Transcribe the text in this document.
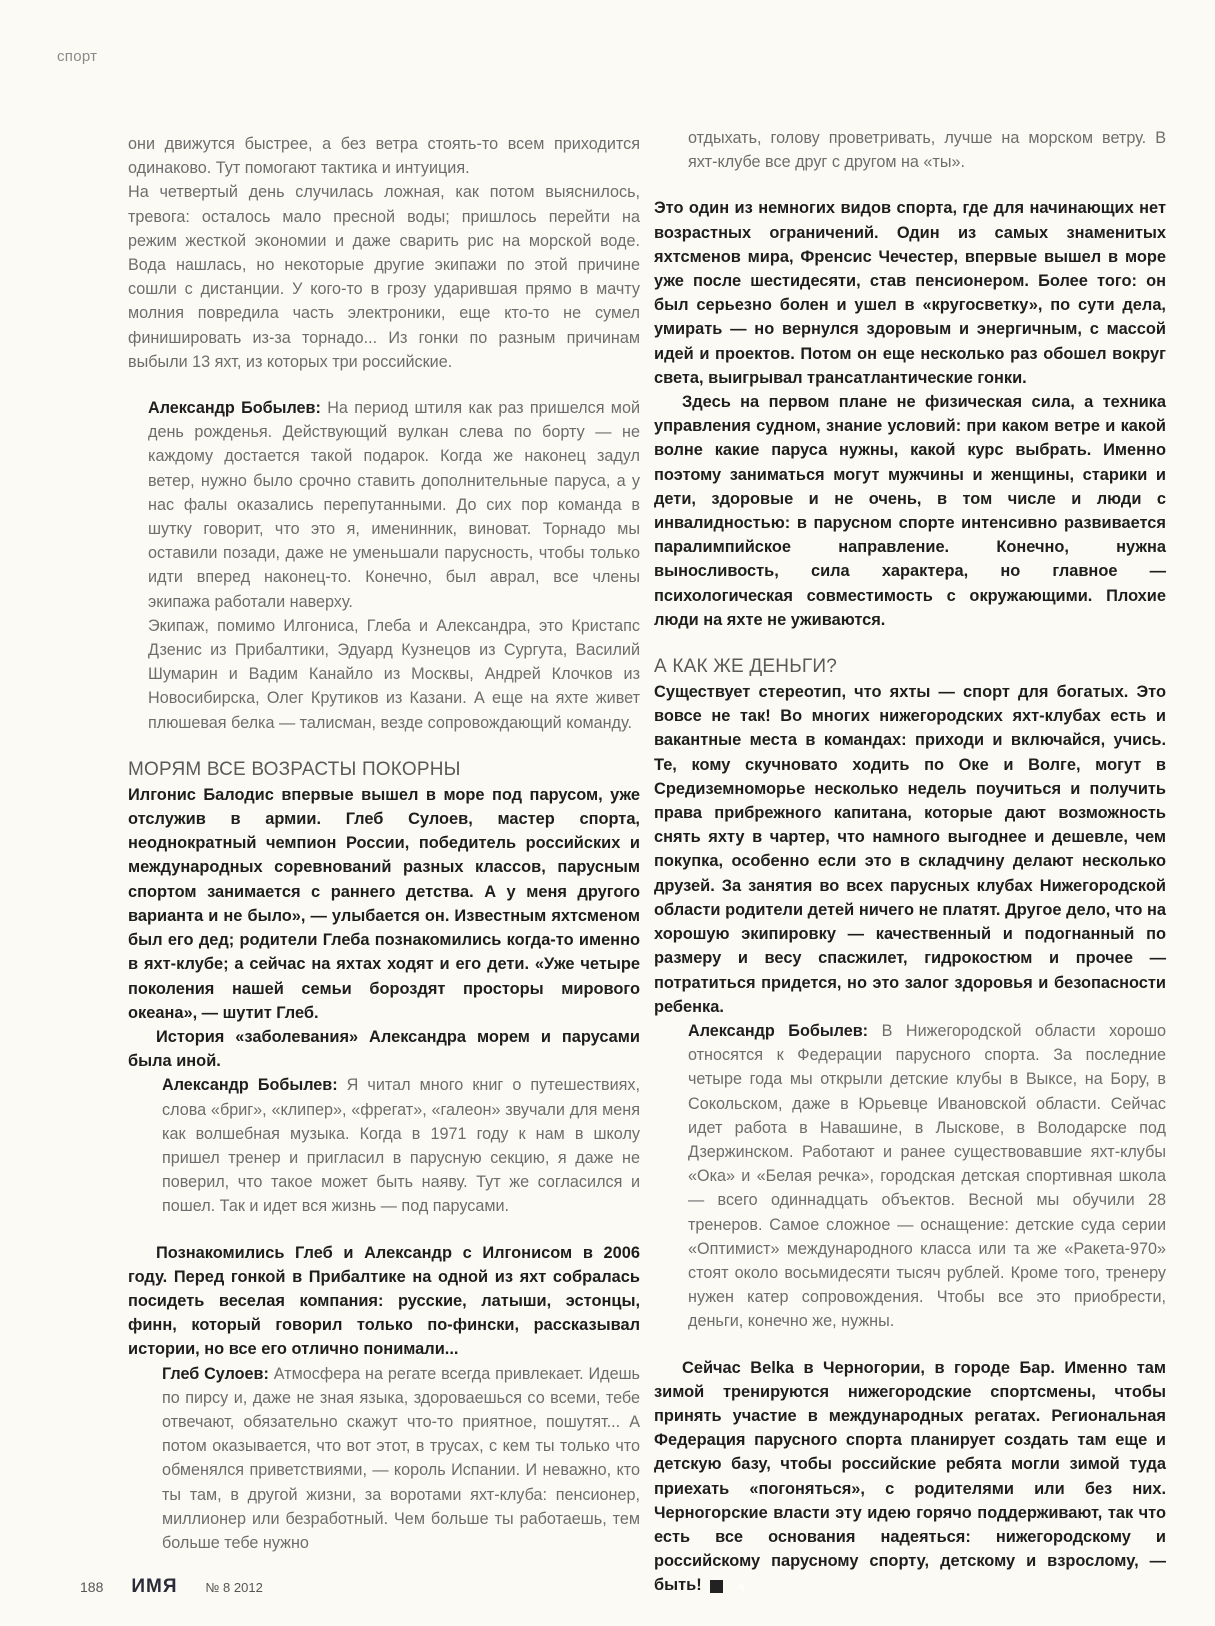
спорт

они движутся быстрее, а без ветра стоять-то всем приходится одинаково. Тут помогают тактика и интуиция.

На четвертый день случилась ложная, как потом выяснилось, тревога: осталось мало пресной воды; пришлось перейти на режим жесткой экономии и даже сварить рис на морской воде. Вода нашлась, но некоторые другие экипажи по этой причине сошли с дистанции. У кого-то в грозу ударившая прямо в мачту молния повредила часть электроники, еще кто-то не сумел финишировать из-за торнадо... Из гонки по разным причинам выбыли 13 яхт, из которых три российские.

Александр Бобылев: На период штиля как раз пришелся мой день рожденья. Действующий вулкан слева по борту — не каждому достается такой подарок. Когда же наконец задул ветер, нужно было срочно ставить дополнительные паруса, а у нас фалы оказались перепутанными. До сих пор команда в шутку говорит, что это я, именинник, виноват. Торнадо мы оставили позади, даже не уменьшали парусность, чтобы только идти вперед наконец-то. Конечно, был аврал, все члены экипажа работали наверху.

Экипаж, помимо Илгониса, Глеба и Александра, это Кристапс Дзенис из Прибалтики, Эдуард Кузнецов из Сургута, Василий Шумарин и Вадим Канайло из Москвы, Андрей Клочков из Новосибирска, Олег Крутиков из Казани. А еще на яхте живет плюшевая белка — талисман, везде сопровождающий команду.

МОРЯМ ВСЕ ВОЗРАСТЫ ПОКОРНЫ

Илгонис Балодис впервые вышел в море под парусом, уже отслужив в армии. Глеб Сулоев, мастер спорта, неоднократный чемпион России, победитель российских и международных соревнований разных классов, парусным спортом занимается с раннего детства. А у меня другого варианта и не было», — улыбается он. Известным яхтсменом был его дед; родители Глеба познакомились когда-то именно в яхт-клубе; а сейчас на яхтах ходят и его дети. «Уже четыре поколения нашей семьи бороздят просторы мирового океана», — шутит Глеб.

История «заболевания» Александра морем и парусами была иной.

Александр Бобылев: Я читал много книг о путешествиях, слова «бриг», «клипер», «фрегат», «галеон» звучали для меня как волшебная музыка. Когда в 1971 году к нам в школу пришел тренер и пригласил в парусную секцию, я даже не поверил, что такое может быть наяву. Тут же согласился и пошел. Так и идет вся жизнь — под парусами.

Познакомились Глеб и Александр с Илгонисом в 2006 году. Перед гонкой в Прибалтике на одной из яхт собралась посидеть веселая компания: русские, латыши, эстонцы, финн, который говорил только по-фински, рассказывал истории, но все его отлично понимали...

Глеб Сулоев: Атмосфера на регате всегда привлекает. Идешь по пирсу и, даже не зная языка, здороваешься со всеми, тебе отвечают, обязательно скажут что-то приятное, пошутят... А потом оказывается, что вот этот, в трусах, с кем ты только что обменялся приветствиями, — король Испании. И неважно, кто ты там, в другой жизни, за воротами яхт-клуба: пенсионер, миллионер или безработный. Чем больше ты работаешь, тем больше тебе нужно

отдыхать, голову проветривать, лучше на морском ветру. В яхт-клубе все друг с другом на «ты».

Это один из немногих видов спорта, где для начинающих нет возрастных ограничений. Один из самых знаменитых яхтсменов мира, Френсис Чечестер, впервые вышел в море уже после шестидесяти, став пенсионером. Более того: он был серьезно болен и ушел в «кругосветку», по сути дела, умирать — но вернулся здоровым и энергичным, с массой идей и проектов. Потом он еще несколько раз обошел вокруг света, выигрывал трансатлантические гонки.

Здесь на первом плане не физическая сила, а техника управления судном, знание условий: при каком ветре и какой волне какие паруса нужны, какой курс выбрать. Именно поэтому заниматься могут мужчины и женщины, старики и дети, здоровые и не очень, в том числе и люди с инвалидностью: в парусном спорте интенсивно развивается паралимпийское направление. Конечно, нужна выносливость, сила характера, но главное — психологическая совместимость с окружающими. Плохие люди на яхте не уживаются.

А КАК ЖЕ ДЕНЬГИ?

Существует стереотип, что яхты — спорт для богатых. Это вовсе не так! Во многих нижегородских яхт-клубах есть и вакантные места в командах: приходи и включайся, учись. Те, кому скучновато ходить по Оке и Волге, могут в Средиземноморье несколько недель поучиться и получить права прибрежного капитана, которые дают возможность снять яхту в чартер, что намного выгоднее и дешевле, чем покупка, особенно если это в складчину делают несколько друзей. За занятия во всех парусных клубах Нижегородской области родители детей ничего не платят. Другое дело, что на хорошую экипировку — качественный и подогнанный по размеру и весу спасжилет, гидрокостюм и прочее — потратиться придется, но это залог здоровья и безопасности ребенка.

Александр Бобылев: В Нижегородской области хорошо относятся к Федерации парусного спорта. За последние четыре года мы открыли детские клубы в Выксе, на Бору, в Сокольском, даже в Юрьевце Ивановской области. Сейчас идет работа в Навашине, в Лыскове, в Володарске под Дзержинском. Работают и ранее существовавшие яхт-клубы «Ока» и «Белая речка», городская детская спортивная школа — всего одиннадцать объектов. Весной мы обучили 28 тренеров. Самое сложное — оснащение: детские суда серии «Оптимист» международного класса или та же «Ракета-970» стоят около восьмидесяти тысяч рублей. Кроме того, тренеру нужен катер сопровождения. Чтобы все это приобрести, деньги, конечно же, нужны.

Сейчас Belka в Черногории, в городе Бар. Именно там зимой тренируются нижегородские спортсмены, чтобы принять участие в международных регатах. Региональная Федерация парусного спорта планирует создать там еще и детскую базу, чтобы российские ребята могли зимой туда приехать «погоняться», с родителями или без них. Черногорские власти эту идею горячо поддерживают, так что есть все основания надеяться: нижегородскому и российскому парусному спорту, детскому и взрослому, — быть!	ц

188 ИМЯ № 8 2012
